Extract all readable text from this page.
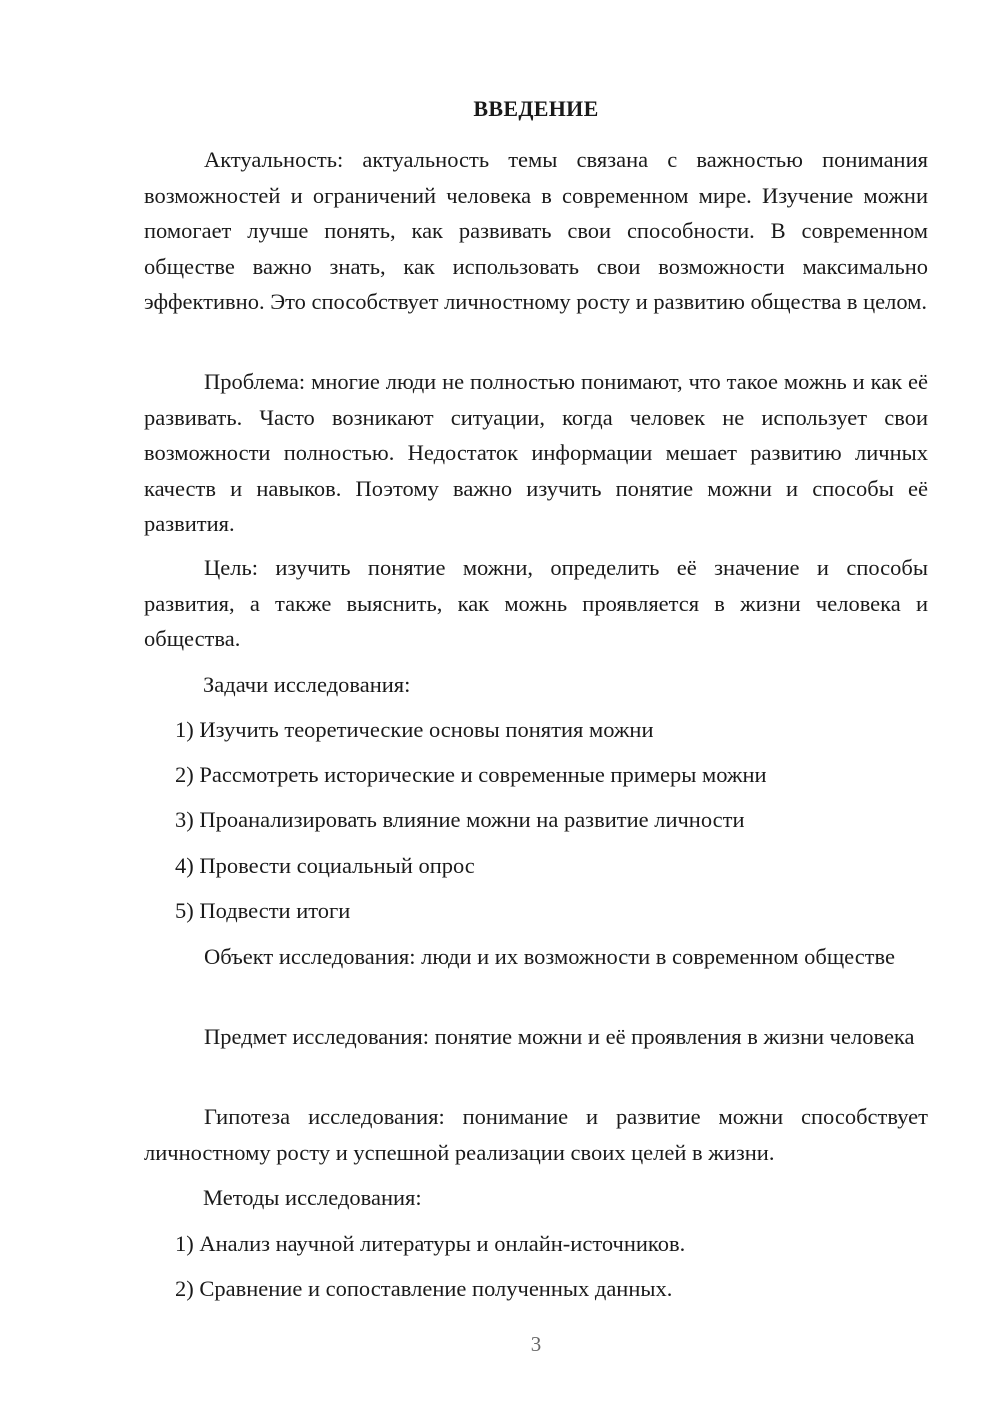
ВВЕДЕНИЕ

Актуальность: актуальность темы связана с важностью понимания возможностей и ограничений человека в современном мире. Изучение можни помогает лучше понять, как развивать свои способности. В современном обществе важно знать, как использовать свои возможности максимально эффективно. Это способствует личностному росту и развитию общества в целом.

Проблема: многие люди не полностью понимают, что такое можнь и как её развивать. Часто возникают ситуации, когда человек не использует свои возможности полностью. Недостаток информации мешает развитию личных качеств и навыков. Поэтому важно изучить понятие можни и способы её развития.

Цель: изучить понятие можни, определить её значение и способы развития, а также выяснить, как можнь проявляется в жизни человека и общества.

Задачи исследования:

1) Изучить теоретические основы понятия можни

2) Рассмотреть исторические и современные примеры можни

3) Проанализировать влияние можни на развитие личности

4) Провести социальный опрос

5) Подвести итоги

Объект исследования: люди и их возможности в современном обществе

Предмет исследования: понятие можни и её проявления в жизни человека

Гипотеза исследования: понимание и развитие можни способствует личностному росту и успешной реализации своих целей в жизни.

Методы исследования:

1) Анализ научной литературы и онлайн-источников.

2) Сравнение и сопоставление полученных данных.

3
